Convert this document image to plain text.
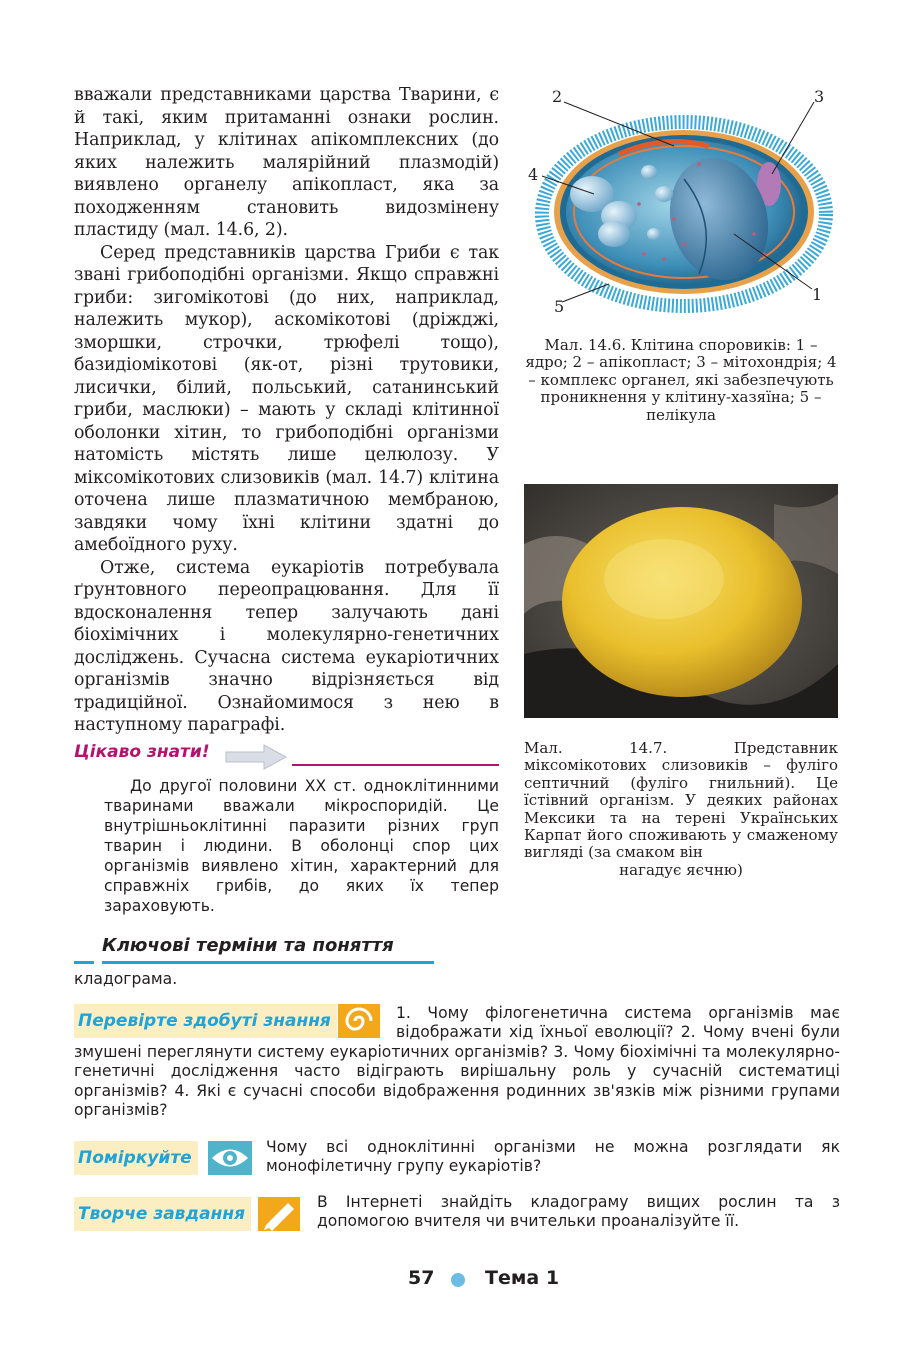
вважали представниками царства Тварини, є й такі, яким притаманні ознаки рослин. Наприклад, у клітинах апікомплексних (до яких належить малярійний плазмодій) виявлено органелу апікопласт, яка за походженням становить видозмінену пластиду (мал. 14.6, 2).

Серед представників царства Гриби є так звані грибоподібні організми. Якщо справжні гриби: зигомікотові (до них, наприклад, належить мукор), аскомікотові (дріжджі, зморшки, строчки, трюфелі тощо), базидіомікотові (як-от, різні трутовики, лисички, білий, польський, сатанинський гриби, маслюки) – мають у складі клітинної оболонки хітин, то грибоподібні організми натомість містять лише целюлозу. У міксомікотових слизовиків (мал. 14.7) клітина оточена лише плазматичною мембраною, завдяки чому їхні клітини здатні до амебоїдного руху.

Отже, система еукаріотів потребувала ґрунтовного переопрацювання. Для її вдосконалення тепер залучають дані біохімічних і молекулярно-генетичних досліджень. Сучасна система еукаріотичних організмів значно відрізняється від традиційної. Ознайомимося з нею в наступному параграфі.

2	3
4
5
1
Мал. 14.6. Клітина споровиків: 1 – ядро; 2 – апікопласт; 3 – мітохондрія; 4 – комплекс органел, які забезпечують проникнення у клітину-хазяїна; 5 – пелікула
Мал. 14.7. Представник міксомікотових слизовиків – фуліго септичний (фуліго гнильний). Це їстівний організм. У деяких районах Мексики та на терені Українських Карпат його споживають у смаженому вигляді (за смаком він
нагадує яєчню)
Цікаво знати!

До другої половини XX ст. одноклітинними тваринами вважали мікроспоридій. Це внутрішньоклітинні паразити різних груп тварин і людини. В оболонці спор цих організмів виявлено хітин, характерний для справжніх грибів, до яких їх тепер зараховують.

Ключові терміни та поняття
кладограма.
1. Чому філогенетична система організмів має відображати хід їхньої еволюції? 2. Чому вчені були змушені переглянути систему еукаріотичних організмів? 3. Чому біохімічні та молекулярно-генетичні дослідження часто відіграють вирішальну роль у сучасній систематиці організмів? 4. Які є сучасні способи відображення родинних зв'язків між різними групами організмів?
Перевірте здобуті знання
Поміркуйте
Чому всі одноклітинні організми не можна розглядати як монофілетичну групу еукаріотів?
Творче завдання
В Інтернеті знайдіть кладограму вищих рослин та з допомогою вчителя чи вчительки проаналізуйте її.
57	Тема 1
